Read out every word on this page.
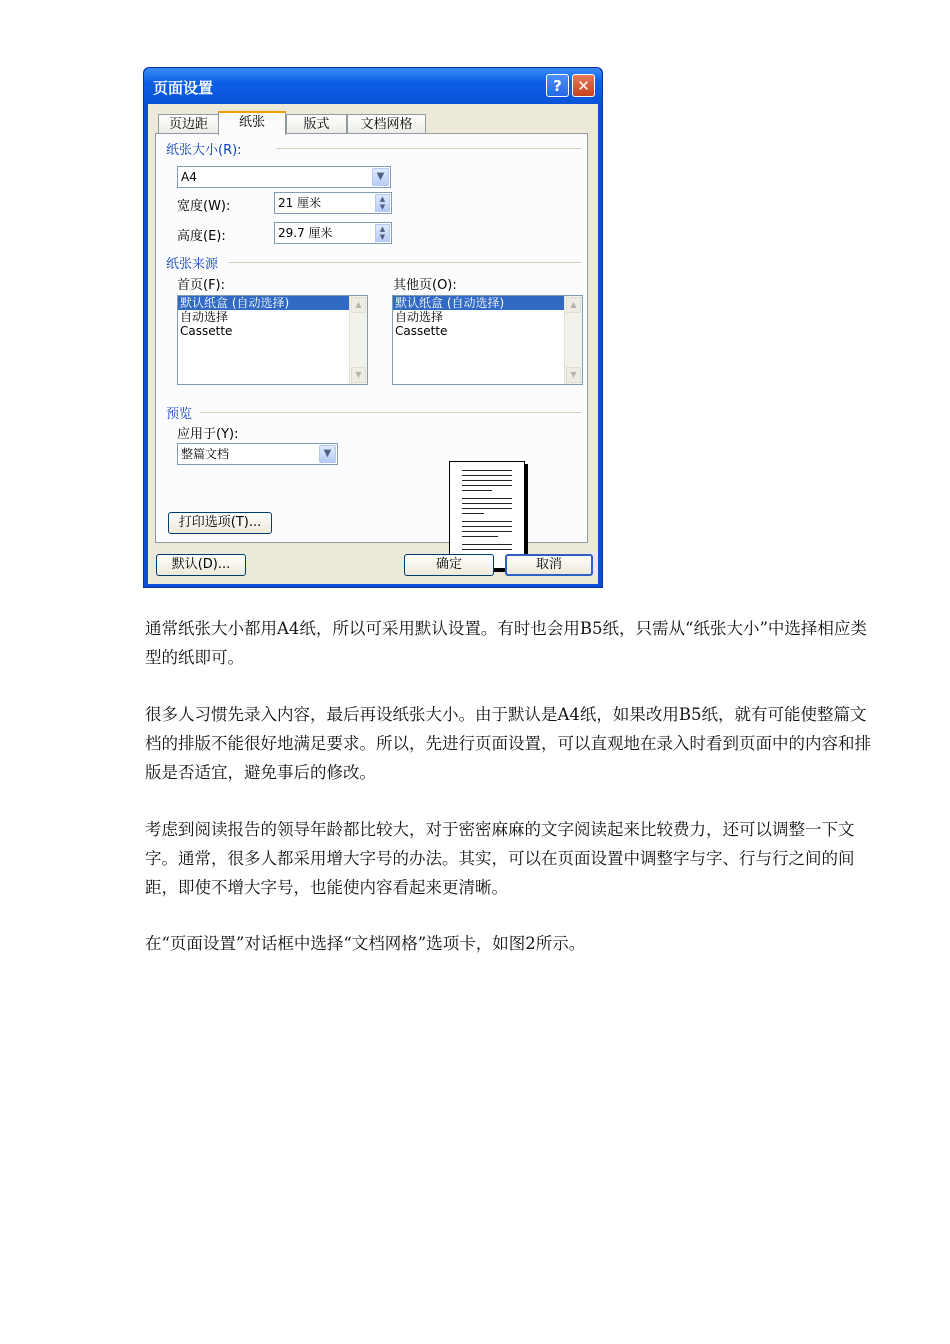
页面设置	?	✕
页边距	纸张	版式	文档网格
纸张大小(R):
A4	▼
宽度(W):	21 厘米	▲
▼
高度(E):	29.7 厘米	▲
▼
纸张来源
首页(F):	其他页(O):
默认纸盒 (自动选择)
自动选择
Cassette
▲
▼
默认纸盒 (自动选择)
自动选择
Cassette
▲
▼
预览
应用于(Y):
整篇文档	▼
打印选项(T)...
默认(D)...	确定	取消

通常纸张大小都用A4纸，所以可采用默认设置。有时也会用B5纸，只需从“纸张大小”中选择相应类型的纸即可。

很多人习惯先录入内容，最后再设纸张大小。由于默认是A4纸，如果改用B5纸，就有可能使整篇文档的排版不能很好地满足要求。所以，先进行页面设置，可以直观地在录入时看到页面中的内容和排版是否适宜，避免事后的修改。

考虑到阅读报告的领导年龄都比较大，对于密密麻麻的文字阅读起来比较费力，还可以调整一下文字。通常，很多人都采用增大字号的办法。其实，可以在页面设置中调整字与字、行与行之间的间距，即使不增大字号，也能使内容看起来更清晰。

在“页面设置”对话框中选择“文档网格”选项卡，如图2所示。
